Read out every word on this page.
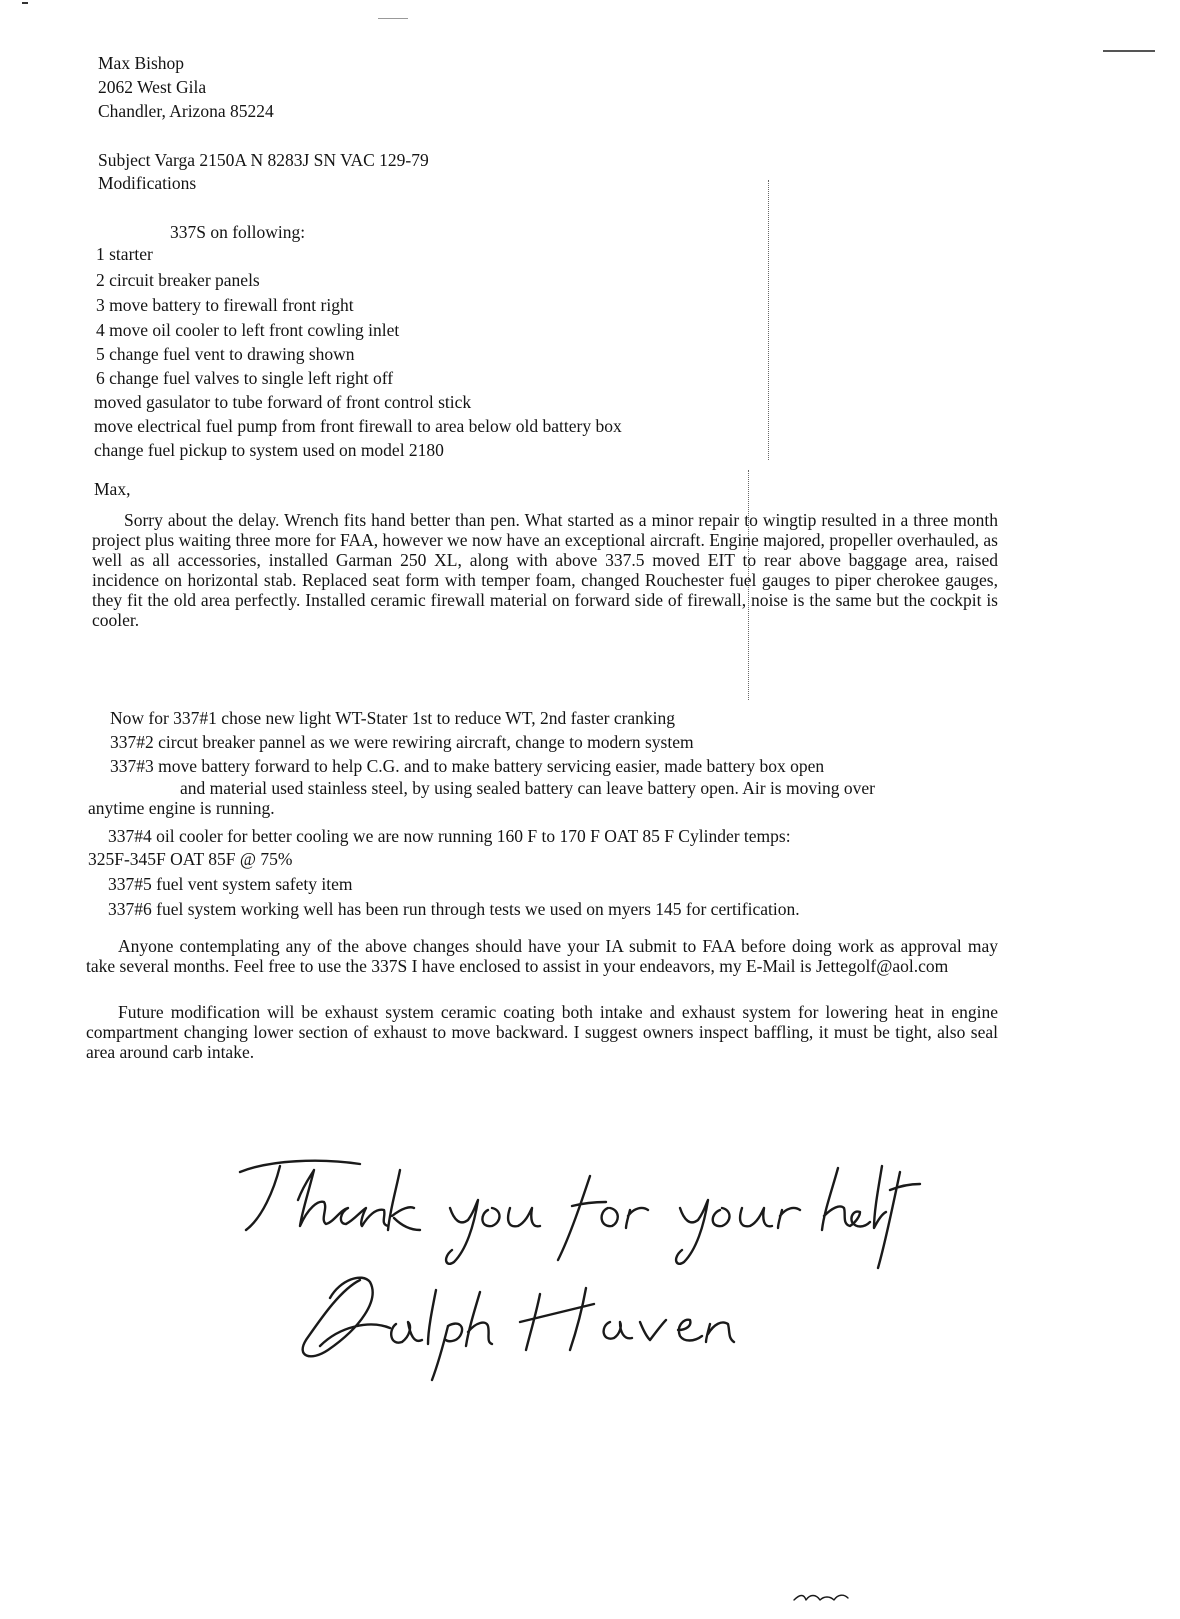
Max Bishop
2062 West Gila
Chandler, Arizona 85224
Subject Varga 2150A N 8283J SN VAC 129-79
Modifications
337S on following:
1 starter
2 circuit breaker panels
3 move battery to firewall front right
4 move oil cooler to left front cowling inlet
5 change fuel vent to drawing shown
6 change fuel valves to single left right off
moved gasulator to tube forward of front control stick
move electrical fuel pump from front firewall to area below old battery box
change fuel pickup to system used on model 2180
Max,
Sorry about the delay. Wrench fits hand better than pen. What started as a minor repair to wingtip resulted in a three month project plus waiting three more for FAA, however we now have an exceptional aircraft. Engine majored, propeller overhauled, as well as all accessories, installed Garman 250 XL, along with above 337.5 moved EIT to rear above baggage area, raised incidence on horizontal stab. Replaced seat form with temper foam, changed Rouchester fuel gauges to piper cherokee gauges, they fit the old area perfectly. Installed ceramic firewall material on forward side of firewall, noise is the same but the cockpit is cooler.
Now for 337#1 chose new light WT-Stater 1st to reduce WT, 2nd faster cranking
337#2 circut breaker pannel as we were rewiring aircraft, change to modern system
337#3 move battery forward to help C.G. and to make battery servicing easier, made battery box open
and material used stainless steel, by using sealed battery can leave battery open. Air is moving over
anytime engine is running.
337#4 oil cooler for better cooling we are now running 160 F to 170 F OAT 85 F Cylinder temps:
325F-345F OAT 85F @ 75%
337#5 fuel vent system safety item
337#6 fuel system working well has been run through tests we used on myers 145 for certification.
Anyone contemplating any of the above changes should have your IA submit to FAA before doing work as approval may take several months. Feel free to use the 337S I have enclosed to assist in your endeavors, my E-Mail is Jettegolf@aol.com
Future modification will be exhaust system ceramic coating both intake and exhaust system for lowering heat in engine compartment changing lower section of exhaust to move backward. I suggest owners inspect baffling, it must be tight, also seal area around carb intake.
